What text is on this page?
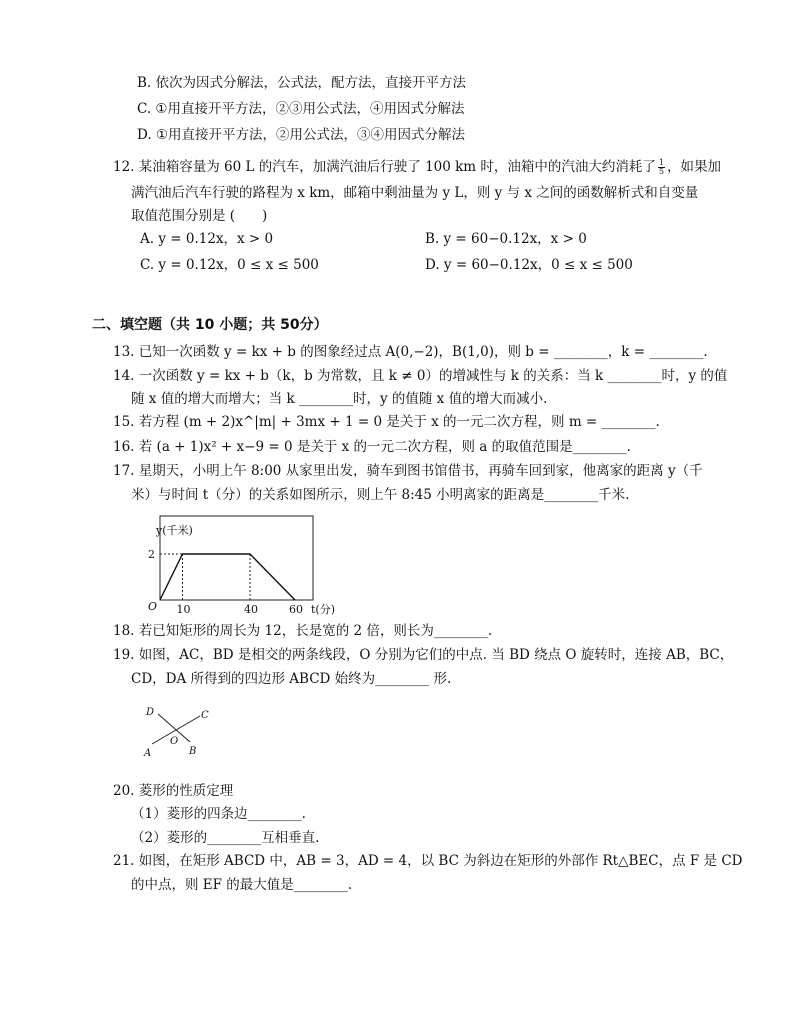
B. 依次为因式分解法，公式法，配方法，直接开平方法
C. ①用直接开平方法，②③用公式法，④用因式分解法
D. ①用直接开平方法，②用公式法，③④用因式分解法
12. 某油箱容量为 60 L 的汽车，加满汽油后行驶了 100 km 时，油箱中的汽油大约消耗了 $\frac{1}{5}$ ，如果加
满汽油后汽车行驶的路程为 x km，邮箱中剩油量为 y L，则 y 与 x 之间的函数解析式和自变量
取值范围分别是 (　　)
A. y = 0.12x，x > 0	B. y = 60−0.12x，x > 0
C. y = 0.12x，0 ≤ x ≤ 500	D. y = 60−0.12x，0 ≤ x ≤ 500
二、填空题（共 10 小题；共 50分）
13. 已知一次函数 y = kx + b 的图象经过点 A(0,−2)，B(1,0)，则 b = ________，k = ________.
14. 一次函数 y = kx + b（k，b 为常数，且 k ≠ 0）的增减性与 k 的关系：当 k ________时，y 的值
随 x 值的增大而增大；当 k ________时，y 的值随 x 值的增大而减小.
15. 若方程 (m + 2)x^|m| + 3mx + 1 = 0 是关于 x 的一元二次方程，则 m = ________.
16. 若 (a + 1)x² + x−9 = 0 是关于 x 的一元二次方程，则 a 的取值范围是________.
17. 星期天，小明上午 8:00 从家里出发，骑车到图书馆借书，再骑车回到家，他离家的距离 y（千
米）与时间 t（分）的关系如图所示，则上午 8:45 小明离家的距离是________千米.
y(千米)
2
O 10	40	60 t(分)
18. 若已知矩形的周长为 12，长是宽的 2 倍，则长为________.
19. 如图，AC，BD 是相交的两条线段，O 分别为它们的中点. 当 BD 绕点 O 旋转时，连接 AB，BC，
CD，DA 所得到的四边形 ABCD 始终为________ 形.
D	C
O
A	B
20. 菱形的性质定理
（1）菱形的四条边________.
（2）菱形的________互相垂直.
21. 如图，在矩形 ABCD 中，AB = 3，AD = 4，以 BC 为斜边在矩形的外部作 Rt△BEC，点 F 是 CD
的中点，则 EF 的最大值是________.
